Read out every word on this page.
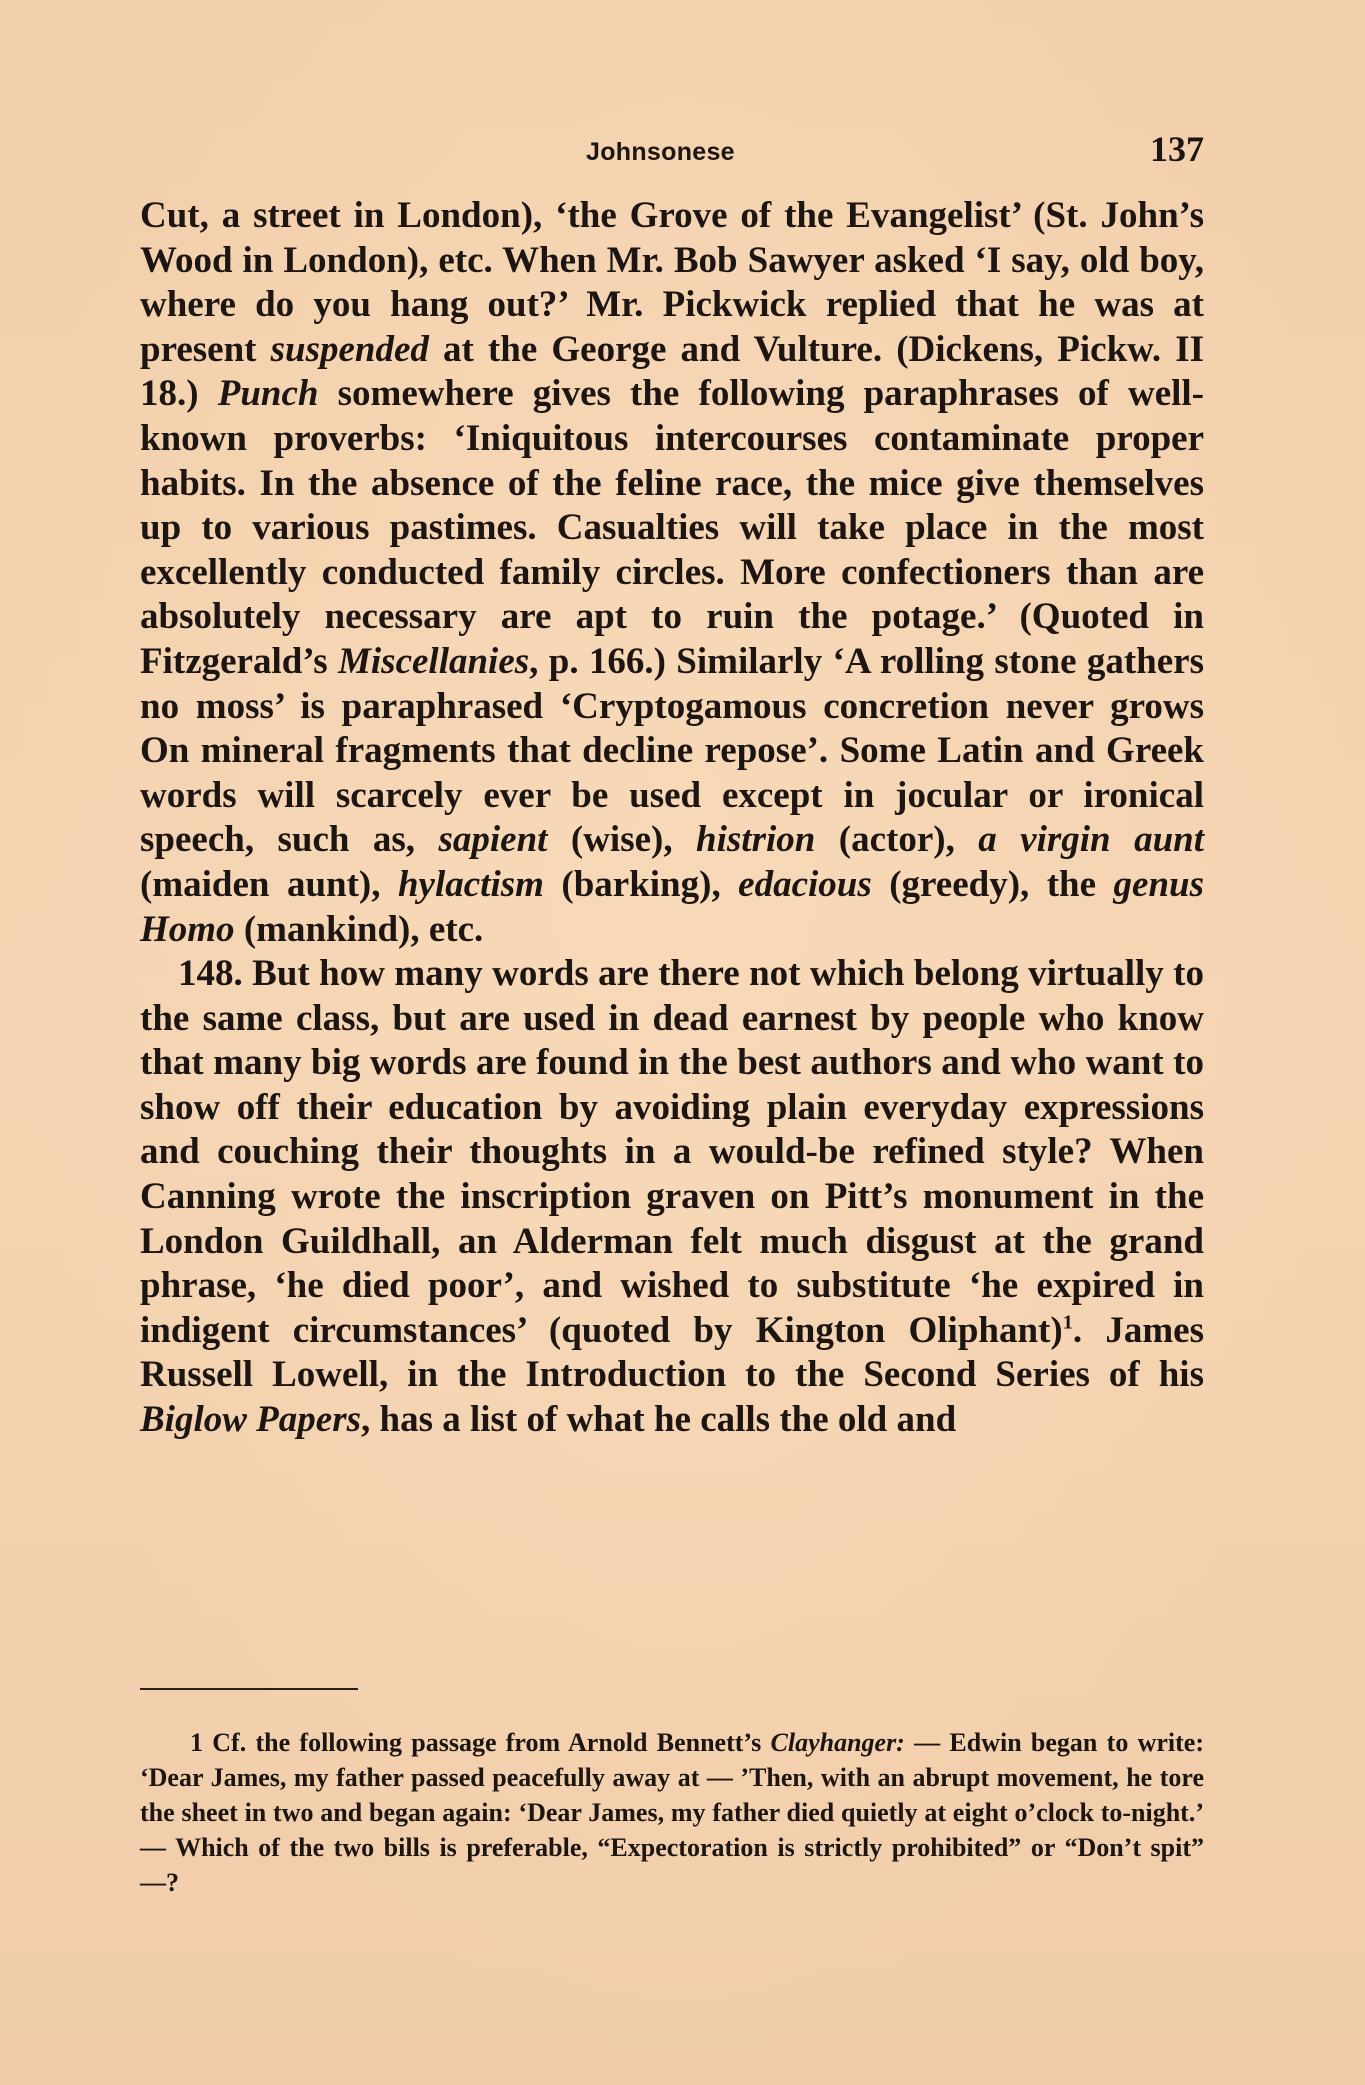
Johnsonese	137

Cut, a street in London), ‘the Grove of the Evangelist’ (St. John’s Wood in London), etc. When Mr. Bob Sawyer asked ‘I say, old boy, where do you hang out?’ Mr. Pickwick replied that he was at present suspended at the George and Vulture. (Dickens, Pickw. II 18.) Punch somewhere gives the following paraphrases of well-known proverbs: ‘Iniquitous intercourses contaminate proper habits. In the absence of the feline race, the mice give themselves up to various pastimes. Casualties will take place in the most excellently conducted family circles. More confectioners than are absolutely necessary are apt to ruin the potage.’ (Quoted in Fitzgerald’s Miscellanies, p. 166.) Similarly ‘A rolling stone gathers no moss’ is paraphrased ‘Cryptogamous concretion never grows On mineral fragments that decline repose’. Some Latin and Greek words will scarcely ever be used except in jocular or ironical speech, such as, sapient (wise), histrion (actor), a virgin aunt (maiden aunt), hylactism (barking), edacious (greedy), the genus Homo (mankind), etc.

148. But how many words are there not which belong virtually to the same class, but are used in dead earnest by people who know that many big words are found in the best authors and who want to show off their education by avoiding plain everyday expressions and couching their thoughts in a would-be refined style? When Canning wrote the inscription graven on Pitt’s monument in the London Guildhall, an Alderman felt much disgust at the grand phrase, ‘he died poor’, and wished to substitute ‘he expired in indigent circumstances’ (quoted by Kington Oliphant)$^1$. James Russell Lowell, in the Introduction to the Second Series of his Biglow Papers, has a list of what he calls the old and

1 Cf. the following passage from Arnold Bennett’s Clayhanger: — Edwin began to write: ‘Dear James, my father passed peacefully away at — ’Then, with an abrupt movement, he tore the sheet in two and began again: ‘Dear James, my father died quietly at eight o’clock to-night.’ — Which of the two bills is preferable, “Expectoration is strictly prohibited” or “Don’t spit” —?
